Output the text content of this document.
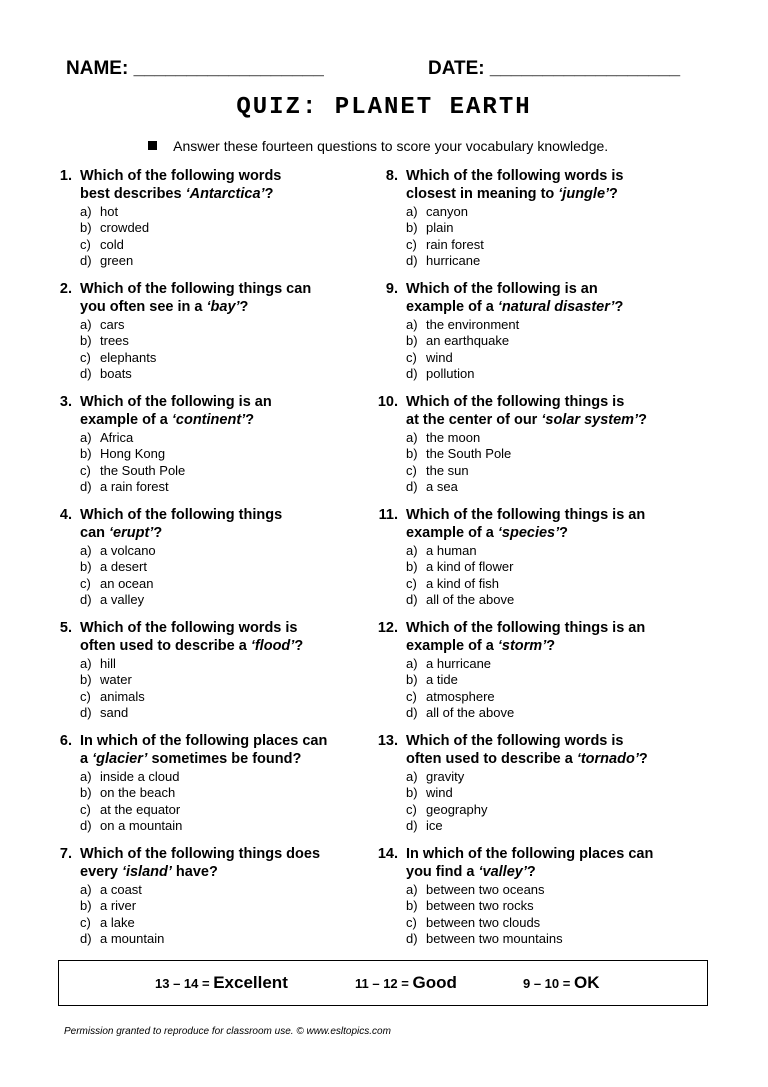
NAME: __________________	DATE: __________________
QUIZ: PLANET EARTH
Answer these fourteen questions to score your vocabulary knowledge.
1. Which of the following words
best describes ‘Antarctica’?
a) hot
b) crowded
c) cold
d) green
2. Which of the following things can
you often see in a ‘bay’?
a) cars
b) trees
c) elephants
d) boats
3. Which of the following is an
example of a ‘continent’?
a) Africa
b) Hong Kong
c) the South Pole
d) a rain forest
4. Which of the following things
can ‘erupt’?
a) a volcano
b) a desert
c) an ocean
d) a valley
5. Which of the following words is
often used to describe a ‘flood’?
a) hill
b) water
c) animals
d) sand
6. In which of the following places can
a ‘glacier’ sometimes be found?
a) inside a cloud
b) on the beach
c) at the equator
d) on a mountain
7. Which of the following things does
every ‘island’ have?
a) a coast
b) a river
c) a lake
d) a mountain
8. Which of the following words is
closest in meaning to ‘jungle’?
a) canyon
b) plain
c) rain forest
d) hurricane
9. Which of the following is an
example of a ‘natural disaster’?
a) the environment
b) an earthquake
c) wind
d) pollution
10. Which of the following things is
at the center of our ‘solar system’?
a) the moon
b) the South Pole
c) the sun
d) a sea
11. Which of the following things is an
example of a ‘species’?
a) a human
b) a kind of flower
c) a kind of fish
d) all of the above
12. Which of the following things is an
example of a ‘storm’?
a) a hurricane
b) a tide
c) atmosphere
d) all of the above
13. Which of the following words is
often used to describe a ‘tornado’?
a) gravity
b) wind
c) geography
d) ice
14. In which of the following places can
you find a ‘valley’?
a) between two oceans
b) between two rocks
c) between two clouds
d) between two mountains
13 – 14 = Excellent	11 – 12 = Good	9 – 10 = OK
Permission granted to reproduce for classroom use. © www.esltopics.com
